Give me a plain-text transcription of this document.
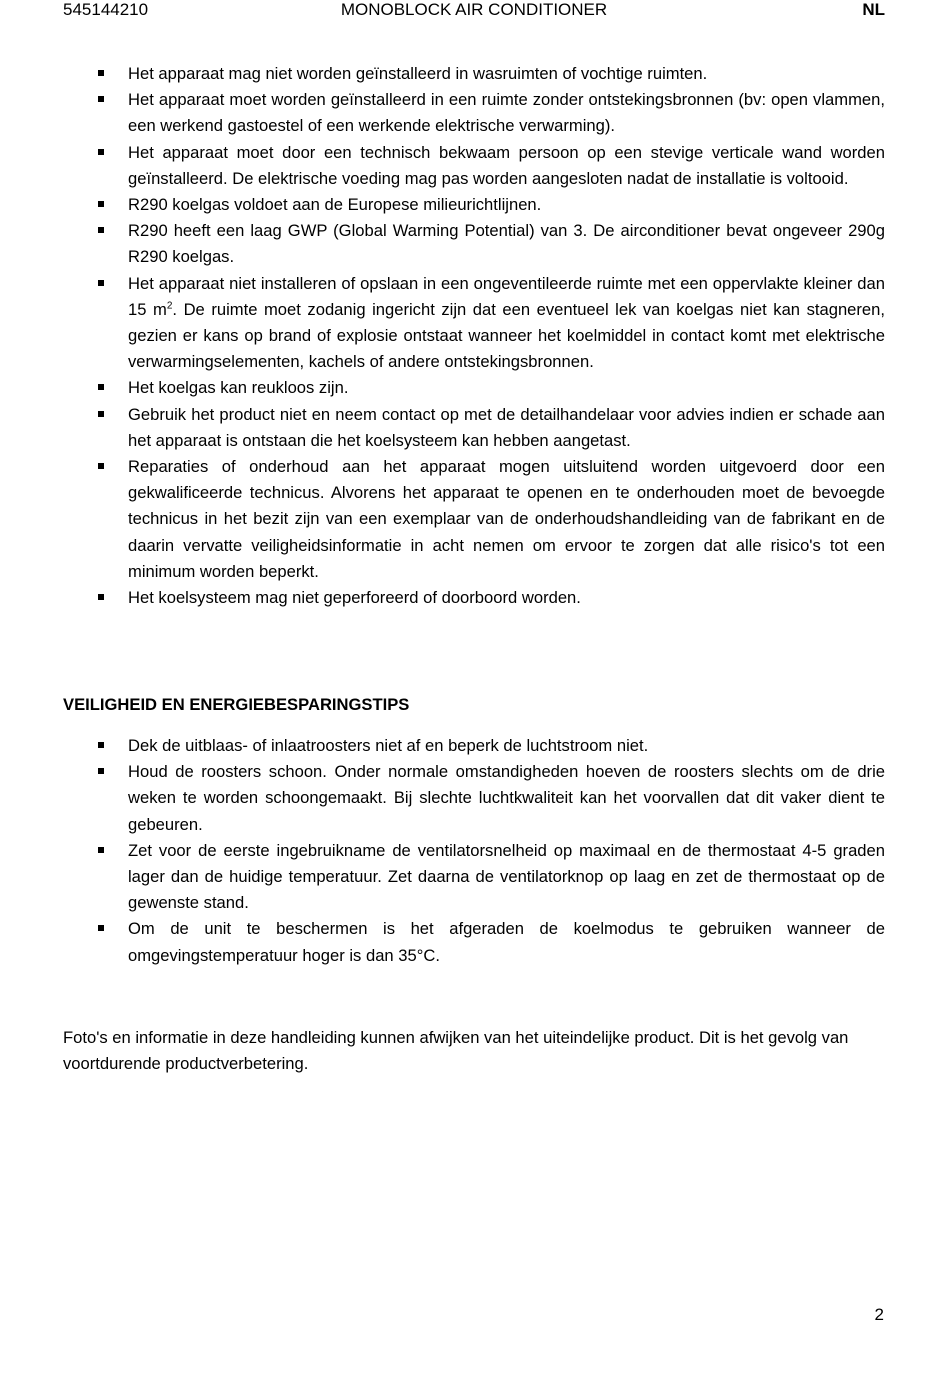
545144210	MONOBLOCK AIR CONDITIONER	NL
Het apparaat mag niet worden geïnstalleerd in wasruimten of vochtige ruimten.
Het apparaat moet worden geïnstalleerd in een ruimte zonder ontstekingsbronnen (bv: open vlammen, een werkend gastoestel of een werkende elektrische verwarming).
Het apparaat moet door een technisch bekwaam persoon op een stevige verticale wand worden geïnstalleerd. De elektrische voeding mag pas worden aangesloten nadat de installatie is voltooid.
R290 koelgas voldoet aan de Europese milieurichtlijnen.
R290 heeft een laag GWP (Global Warming Potential) van 3. De airconditioner bevat ongeveer 290g R290 koelgas.
Het apparaat niet installeren of opslaan in een ongeventileerde ruimte met een oppervlakte kleiner dan 15 $m^2$. De ruimte moet zodanig ingericht zijn dat een eventueel lek van koelgas niet kan stagneren, gezien er kans op brand of explosie ontstaat wanneer het koelmiddel in contact komt met elektrische verwarmingselementen, kachels of andere ontstekingsbronnen.
Het koelgas kan reukloos zijn.
Gebruik het product niet en neem contact op met de detailhandelaar voor advies indien er schade aan het apparaat is ontstaan die het koelsysteem kan hebben aangetast.
Reparaties of onderhoud aan het apparaat mogen uitsluitend worden uitgevoerd door een gekwalificeerde technicus. Alvorens het apparaat te openen en te onderhouden moet de bevoegde technicus in het bezit zijn van een exemplaar van de onderhoudshandleiding van de fabrikant en de daarin vervatte veiligheidsinformatie in acht nemen om ervoor te zorgen dat alle risico's tot een minimum worden beperkt.
Het koelsysteem mag niet geperforeerd of doorboord worden.
VEILIGHEID EN ENERGIEBESPARINGSTIPS
Dek de uitblaas- of inlaatroosters niet af en beperk de luchtstroom niet.
Houd de roosters schoon. Onder normale omstandigheden hoeven de roosters slechts om de drie weken te worden schoongemaakt. Bij slechte luchtkwaliteit kan het voorvallen dat dit vaker dient te gebeuren.
Zet voor de eerste ingebruikname de ventilatorsnelheid op maximaal en de thermostaat 4-5 graden lager dan de huidige temperatuur. Zet daarna de ventilatorknop op laag en zet de thermostaat op de gewenste stand.
Om de unit te beschermen is het afgeraden de koelmodus te gebruiken wanneer de omgevingstemperatuur hoger is dan 35°C.
Foto's en informatie in deze handleiding kunnen afwijken van het uiteindelijke product. Dit is het gevolg van voortdurende productverbetering.
2
